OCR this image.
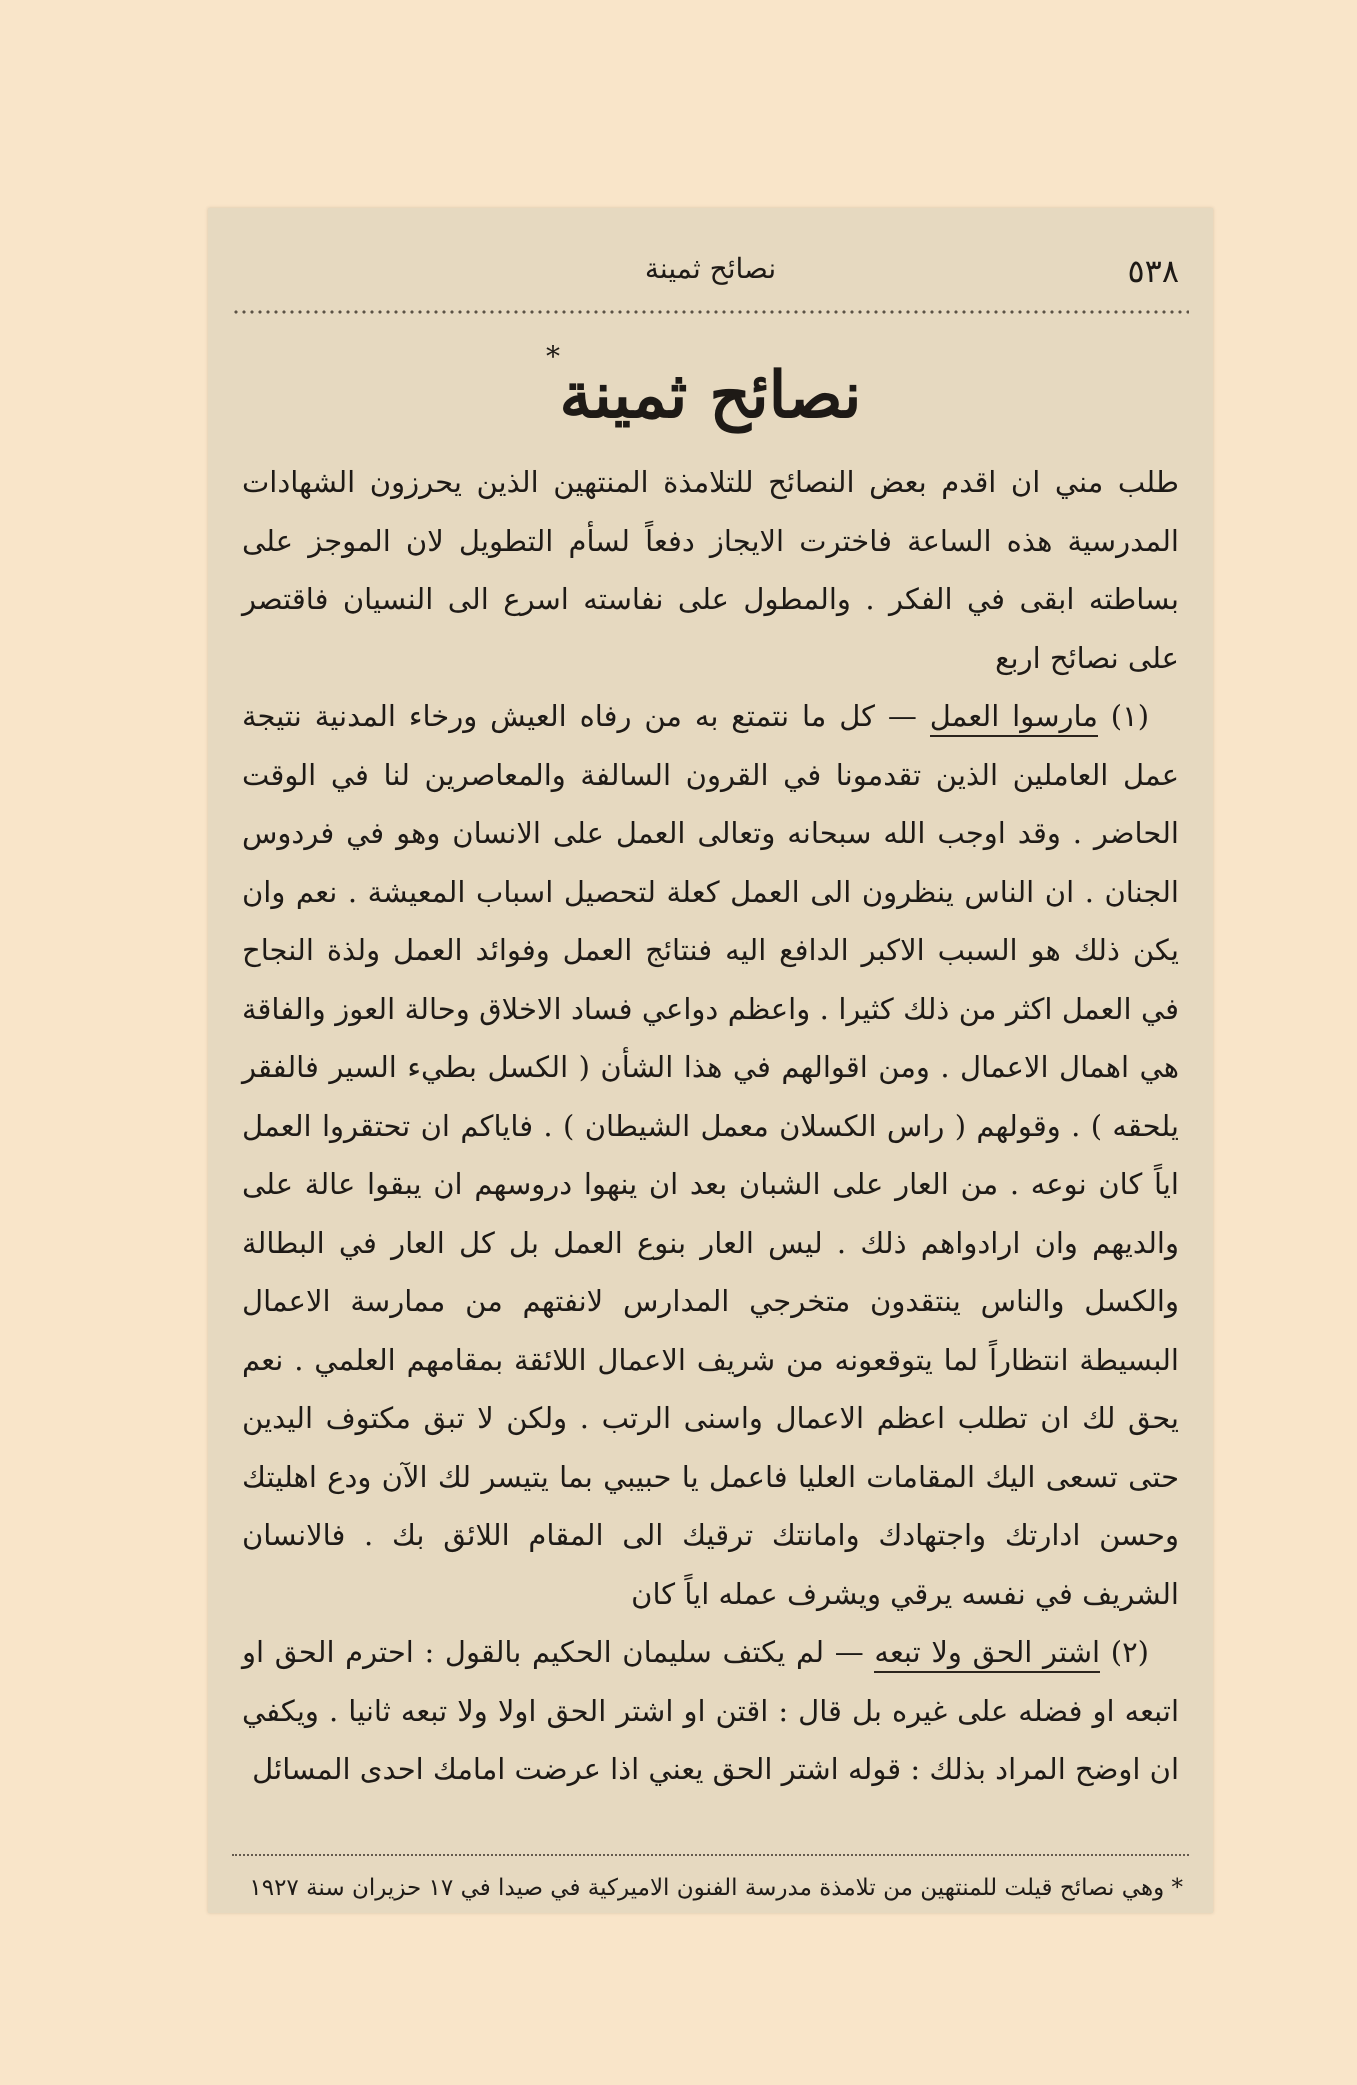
٥٣٨
نصائح ثمينة
*
نصائح ثمينة

طلب مني ان اقدم بعض النصائح للتلامذة المنتهين الذين يحرزون الشهادات المدرسية هذه الساعة فاخترت الايجاز دفعاً لسأم التطويل لان الموجز على بساطته ابقى في الفكر . والمطول على نفاسته اسرع الى النسيان فاقتصر على نصائح اربع

(١) مارسوا العمل — كل ما نتمتع به من رفاه العيش ورخاء المدنية نتيجة عمل العاملين الذين تقدمونا في القرون السالفة والمعاصرين لنا في الوقت الحاضر . وقد اوجب الله سبحانه وتعالى العمل على الانسان وهو في فردوس الجنان . ان الناس ينظرون الى العمل كعلة لتحصيل اسباب المعيشة . نعم وان يكن ذلك هو السبب الاكبر الدافع اليه فنتائج العمل وفوائد العمل ولذة النجاح في العمل اكثر من ذلك كثيرا . واعظم دواعي فساد الاخلاق وحالة العوز والفاقة هي اهمال الاعمال . ومن اقوالهم في هذا الشأن ( الكسل بطيء السير فالفقر يلحقه ) . وقولهم ( راس الكسلان معمل الشيطان ) . فاياكم ان تحتقروا العمل اياً كان نوعه . من العار على الشبان بعد ان ينهوا دروسهم ان يبقوا عالة على والديهم وان ارادواهم ذلك . ليس العار بنوع العمل بل كل العار في البطالة والكسل والناس ينتقدون متخرجي المدارس لانفتهم من ممارسة الاعمال البسيطة انتظاراً لما يتوقعونه من شريف الاعمال اللائقة بمقامهم العلمي . نعم يحق لك ان تطلب اعظم الاعمال واسنى الرتب . ولكن لا تبق مكتوف اليدين حتى تسعى اليك المقامات العليا فاعمل يا حبيبي بما يتيسر لك الآن ودع اهليتك وحسن ادارتك واجتهادك وامانتك ترقيك الى المقام اللائق بك . فالانسان الشريف في نفسه يرقي ويشرف عمله اياً كان

(٢) اشتر الحق ولا تبعه — لم يكتف سليمان الحكيم بالقول : احترم الحق او اتبعه او فضله على غيره بل قال : اقتن او اشتر الحق اولا ولا تبعه ثانيا . ويكفي ان اوضح المراد بذلك : قوله اشتر الحق يعني اذا عرضت امامك احدى المسائل

* وهي نصائح قيلت للمنتهين من تلامذة مدرسة الفنون الاميركية في صيدا في ١٧ حزيران سنة ١٩٢٧
